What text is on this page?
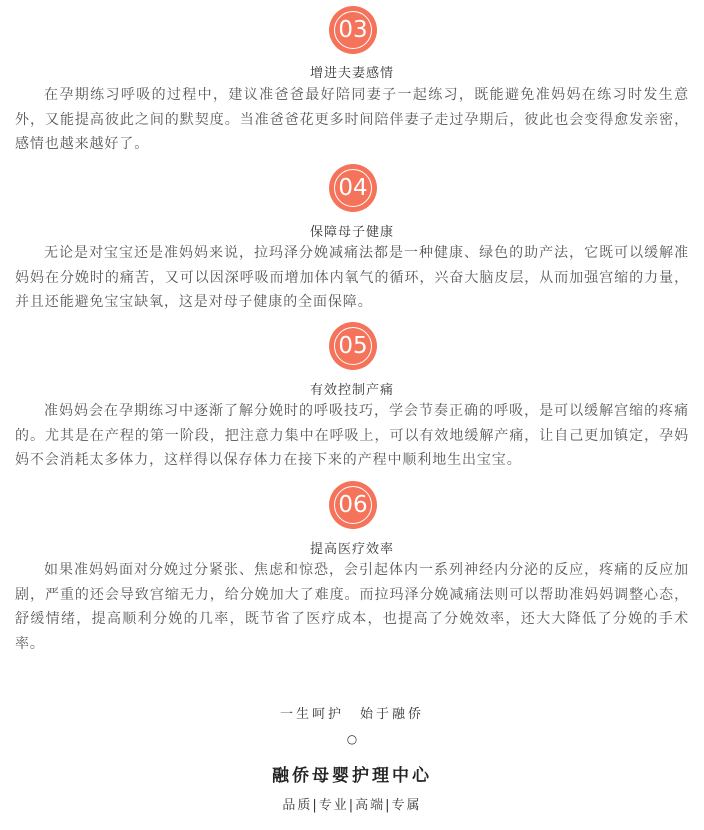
03
增进夫妻感情
在孕期练习呼吸的过程中，建议准爸爸最好陪同妻子一起练习，既能避免准妈妈在练习时发生意外，又能提高彼此之间的默契度。当准爸爸花更多时间陪伴妻子走过孕期后，彼此也会变得愈发亲密，感情也越来越好了。
04
保障母子健康
无论是对宝宝还是准妈妈来说，拉玛泽分娩减痛法都是一种健康、绿色的助产法，它既可以缓解准妈妈在分娩时的痛苦，又可以因深呼吸而增加体内氧气的循环，兴奋大脑皮层，从而加强宫缩的力量，并且还能避免宝宝缺氧，这是对母子健康的全面保障。
05
有效控制产痛
准妈妈会在孕期练习中逐渐了解分娩时的呼吸技巧，学会节奏正确的呼吸，是可以缓解宫缩的疼痛的。尤其是在产程的第一阶段，把注意力集中在呼吸上，可以有效地缓解产痛，让自己更加镇定，孕妈妈不会消耗太多体力，这样得以保存体力在接下来的产程中顺利地生出宝宝。
06
提高医疗效率
如果准妈妈面对分娩过分紧张、焦虑和惊恐，会引起体内一系列神经内分泌的反应，疼痛的反应加剧，严重的还会导致宫缩无力，给分娩加大了难度。而拉玛泽分娩减痛法则可以帮助准妈妈调整心态，舒缓情绪，提高顺利分娩的几率，既节省了医疗成本，也提高了分娩效率，还大大降低了分娩的手术率。
一生呵护　始于融侨
○
融侨母婴护理中心
品质|专业|高端|专属
